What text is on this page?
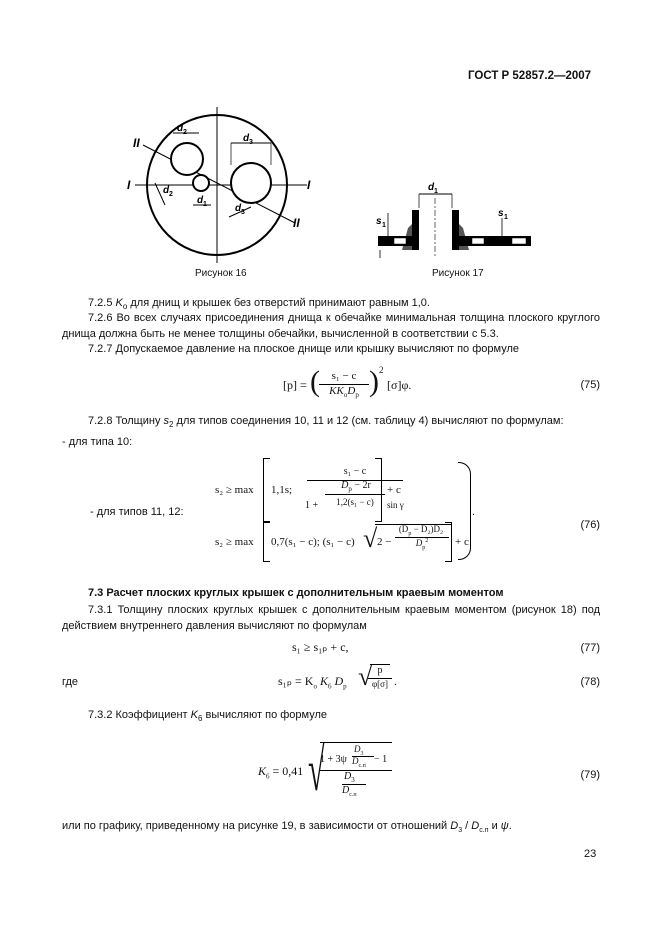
ГОСТ Р 52857.2—2007
d 2
d 3
d 1
d 2
d 3
I	I
II
II
Рисунок 16
d 1
s 1
s 1
Рисунок 17
7.2.5 $K_o$ для днищ и крышек без отверстий принимают равным 1,0.
7.2.6 Во всех случаях присоединения днища к обечайке минимальная толщина плоского круглого днища должна быть не менее толщины обечайки, вычисленной в соответствии с 5.3.
7.2.7 Допускаемое давление на плоское днище или крышку вычисляют по формуле
[p] = (	s₁ − c
$KK_oD_p$ ) 2
[σ]φ.	(75)
7.2.8 Толщину $s_2$ для типов соединения 10, 11 и 12 (см. таблицу 4) вычисляют по формулам:
- для типа 10:
- для типов 11, 12:
s₂ ≥ max 1,1s;
s₁ − c
$D_p - 2r$
1 +	1,2(s₁ − c)	sin γ
+ c
s₂ ≥ max 0,7(s₁ − c); (s₁ − c) √ 2 −
$(D_p - D_2)D_2$
$D_p^2$	+ c
.
(76)
7.3 Расчет плоских круглых крышек с дополнительным краевым моментом
7.3.1 Толщину плоских круглых крышек с дополнительным краевым моментом (рисунок 18) под действием внутреннего давления вычисляют по формулам
s₁ ≥ s₁ₚ + c,	(77)
где	$s_{1p} = K_o$ $K_6$ $D_p$ √ p
φ[σ] .	(78)
7.3.2 Коэффициент $K_6$ вычисляют по формуле
$K_6 = 0,41$ √
1 + 3ψ
$D_3$
$D_{с.п}$
− 1
$D_3$
$D_{с.п}$
(79)
или по графику, приведенному на рисунке 19, в зависимости от отношений $D_3 / D_{с.п}$ и ψ.
23
